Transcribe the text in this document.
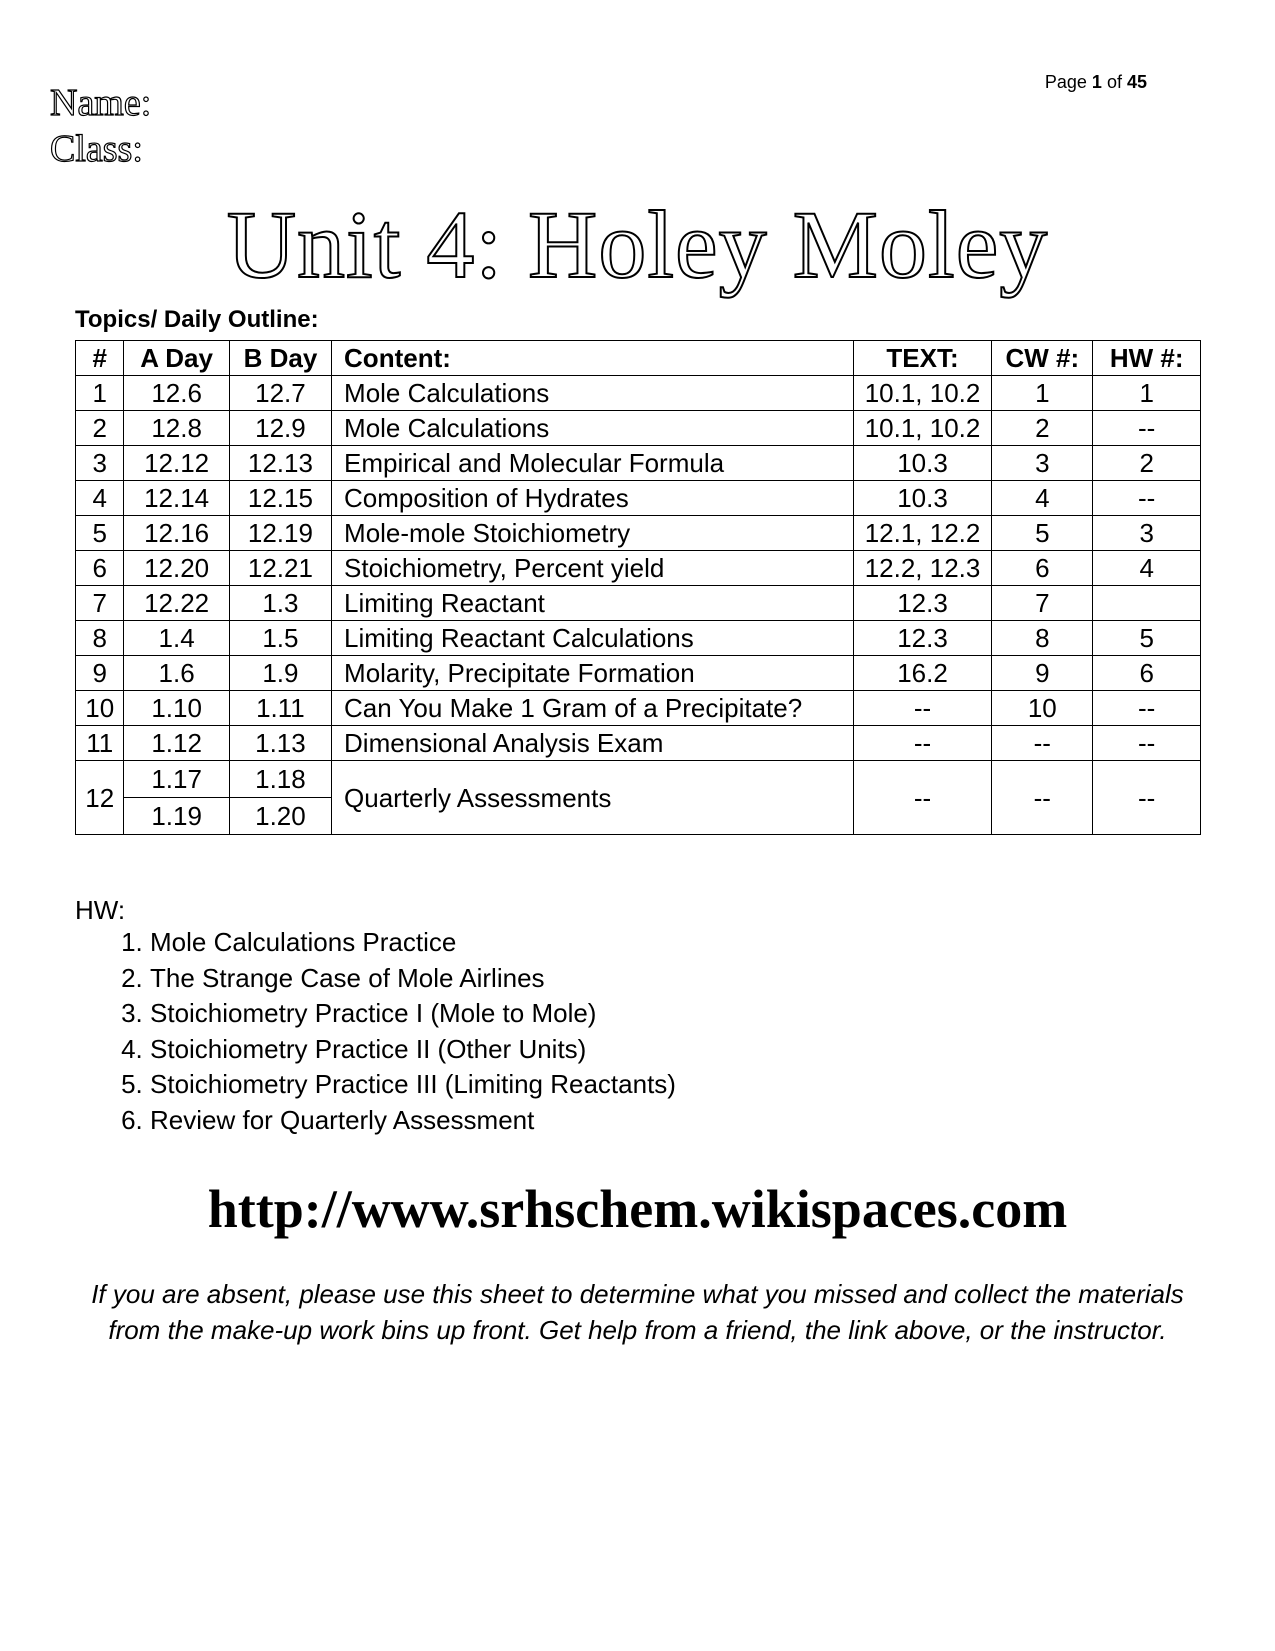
Page 1 of 45
Name:
Class:
Unit 4: Holey Moley
Topics/ Daily Outline:
#	A Day	B Day	Content:	TEXT:	CW #:	HW #:
1	12.6	12.7	Mole Calculations	10.1, 10.2	1	1
2	12.8	12.9	Mole Calculations	10.1, 10.2	2	--
3	12.12	12.13	Empirical and Molecular Formula	10.3	3	2
4	12.14	12.15	Composition of Hydrates	10.3	4	--
5	12.16	12.19	Mole-mole Stoichiometry	12.1, 12.2	5	3
6	12.20	12.21	Stoichiometry, Percent yield	12.2, 12.3	6	4
7	12.22	1.3	Limiting Reactant	12.3	7	
8	1.4	1.5	Limiting Reactant Calculations	12.3	8	5
9	1.6	1.9	Molarity, Precipitate Formation	16.2	9	6
10	1.10	1.11	Can You Make 1 Gram of a Precipitate?	--	10	--
11	1.12	1.13	Dimensional Analysis Exam	--	--	--
12	1.17	1.18	Quarterly Assessments	--	--	--
	1.19	1.20				
HW:
1. Mole Calculations Practice
2. The Strange Case of Mole Airlines
3. Stoichiometry Practice I (Mole to Mole)
4. Stoichiometry Practice II (Other Units)
5. Stoichiometry Practice III (Limiting Reactants)
6. Review for Quarterly Assessment
http://www.srhschem.wikispaces.com
If you are absent, please use this sheet to determine what you missed and collect the materials
from the make-up work bins up front. Get help from a friend, the link above, or the instructor.
